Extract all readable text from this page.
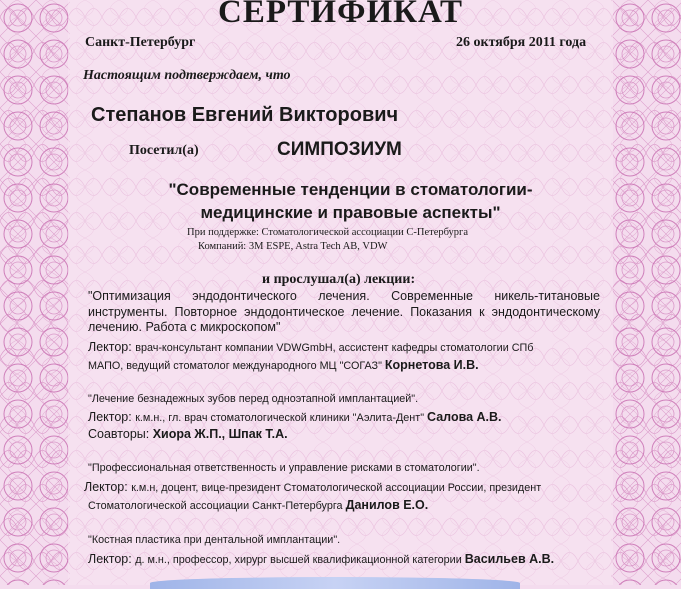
СЕРТИФИКАТ
Санкт-Петербург	26 октября 2011 года
Настоящим подтверждаем, что
Степанов Евгений Викторович
Посетил(а)	СИМПОЗИУМ
"Современные тенденции в стоматологии-
медицинские и правовые аспекты"
При поддержке: Стоматологической ассоциации С-Петербурга
Компаний: 3M ESPE, Astra Tech AB, VDW
и прослушал(а) лекции:
"Оптимизация эндодонтического лечения. Современные никель-титановые инструменты. Повторное эндодонтическое лечение. Показания к эндодонтическому лечению. Работа с микроскопом"
Лектор: врач-консультант компании VDWGmbH, ассистент кафедры стоматологии СПб
МАПО, ведущий стоматолог международного МЦ "СОГАЗ" Корнетова И.В.
"Лечение безнадежных зубов перед одноэтапной имплантацией".
Лектор: к.м.н., гл. врач стоматологической клиники "Аэлита-Дент" Салова А.В.
Соавторы: Хиора Ж.П., Шпак Т.А.
"Профессиональная ответственность и управление рисками в стоматологии".
Лектор: к.м.н, доцент, вице-президент Стоматологической ассоциации России, президент
Стоматологической ассоциации Санкт-Петербурга Данилов Е.О.
"Костная пластика при дентальной имплантации".
Лектор: д. м.н., профессор, хирург высшей квалификационной категории Васильев А.В.
